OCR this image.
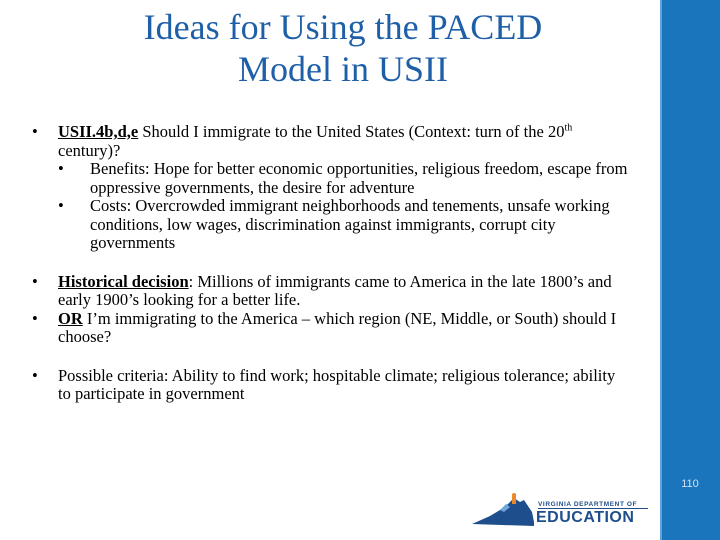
110
Ideas for Using the PACED
Model in USII
• USII.4b,d,e Should I immigrate to the United States (Context: turn of the 20th century)?
• Benefits: Hope for better economic opportunities, religious freedom, escape from oppressive governments, the desire for adventure
• Costs: Overcrowded immigrant neighborhoods and tenements, unsafe working conditions, low wages, discrimination against immigrants, corrupt city governments
• Historical decision: Millions of immigrants came to America in the late 1800’s and early 1900’s looking for a better life.
• OR I’m immigrating to the America – which region (NE, Middle, or South) should I choose?
• Possible criteria: Ability to find work; hospitable climate; religious tolerance; ability to participate in government
VIRGINIA DEPARTMENT OF
EDUCATION
